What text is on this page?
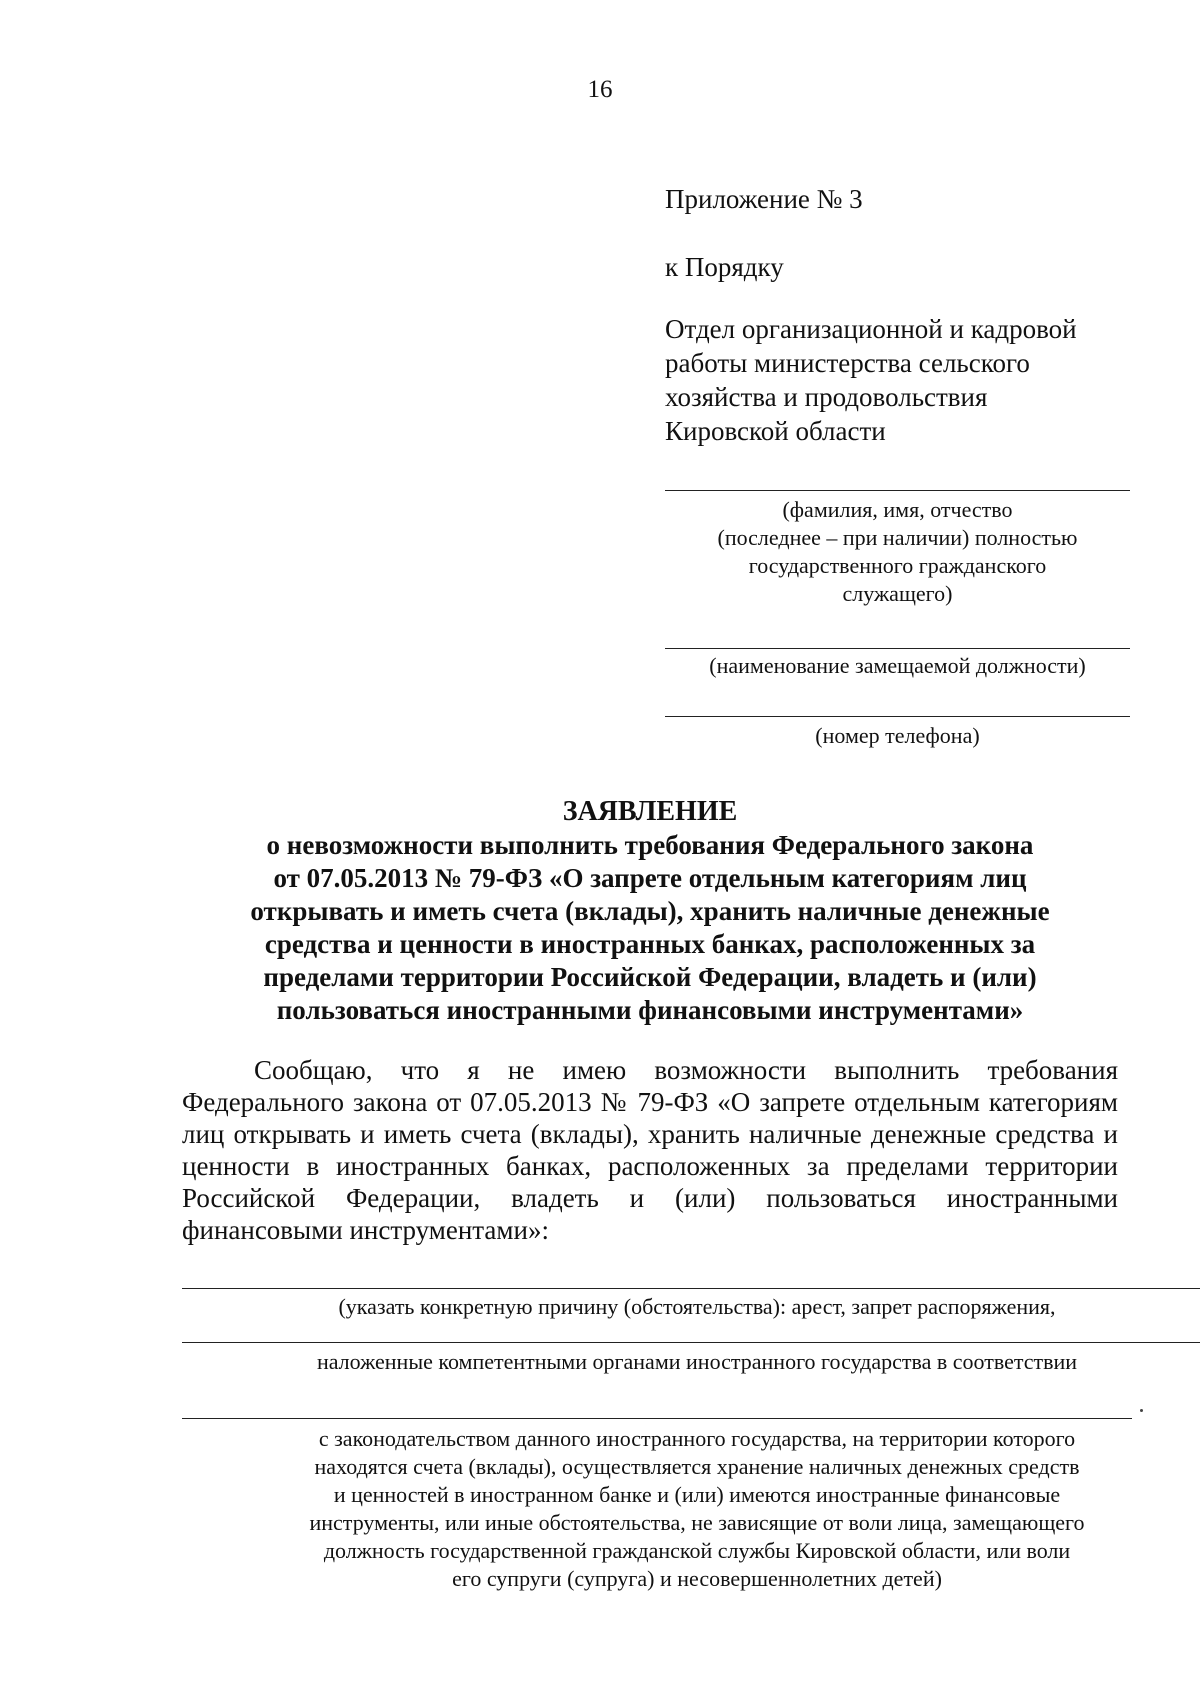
16
Приложение № 3
к Порядку
Отдел организационной и кадровой
работы министерства сельского
хозяйства и продовольствия
Кировской области
(фамилия, имя, отчество
(последнее – при наличии) полностью
государственного гражданского
служащего)
(наименование замещаемой должности)
(номер телефона)
ЗАЯВЛЕНИЕ
о невозможности выполнить требования Федерального закона
от 07.05.2013 № 79-ФЗ «О запрете отдельным категориям лиц
открывать и иметь счета (вклады), хранить наличные денежные
средства и ценности в иностранных банках, расположенных за
пределами территории Российской Федерации, владеть и (или)
пользоваться иностранными финансовыми инструментами»
Сообщаю, что я не имею возможности выполнить требования Федерального закона от 07.05.2013 № 79-ФЗ «О запрете отдельным категориям лиц открывать и иметь счета (вклады), хранить наличные денежные средства и ценности в иностранных банках, расположенных за пределами территории Российской Федерации, владеть и (или) пользоваться иностранными финансовыми инструментами»:
(указать конкретную причину (обстоятельства): арест, запрет распоряжения,
наложенные компетентными органами иностранного государства в соответствии
с законодательством данного иностранного государства, на территории которого
находятся счета (вклады), осуществляется хранение наличных денежных средств
и ценностей в иностранном банке и (или) имеются иностранные финансовые
инструменты, или иные обстоятельства, не зависящие от воли лица, замещающего
должность государственной гражданской службы Кировской области, или воли
его супруги (супруга) и несовершеннолетних детей)
